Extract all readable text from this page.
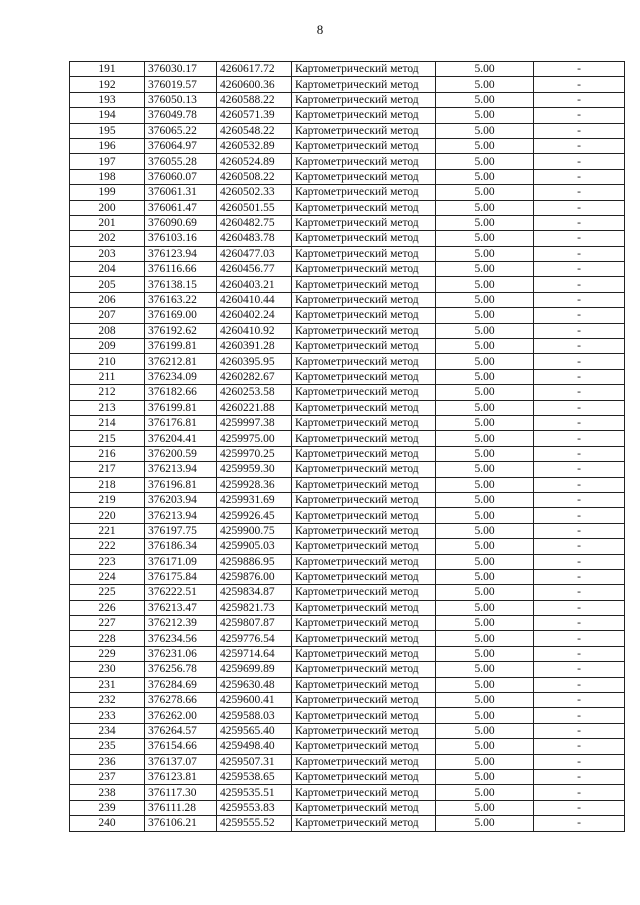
8
191	376030.17	4260617.72	Картометрический метод	5.00	-
192	376019.57	4260600.36	Картометрический метод	5.00	-
193	376050.13	4260588.22	Картометрический метод	5.00	-
194	376049.78	4260571.39	Картометрический метод	5.00	-
195	376065.22	4260548.22	Картометрический метод	5.00	-
196	376064.97	4260532.89	Картометрический метод	5.00	-
197	376055.28	4260524.89	Картометрический метод	5.00	-
198	376060.07	4260508.22	Картометрический метод	5.00	-
199	376061.31	4260502.33	Картометрический метод	5.00	-
200	376061.47	4260501.55	Картометрический метод	5.00	-
201	376090.69	4260482.75	Картометрический метод	5.00	-
202	376103.16	4260483.78	Картометрический метод	5.00	-
203	376123.94	4260477.03	Картометрический метод	5.00	-
204	376116.66	4260456.77	Картометрический метод	5.00	-
205	376138.15	4260403.21	Картометрический метод	5.00	-
206	376163.22	4260410.44	Картометрический метод	5.00	-
207	376169.00	4260402.24	Картометрический метод	5.00	-
208	376192.62	4260410.92	Картометрический метод	5.00	-
209	376199.81	4260391.28	Картометрический метод	5.00	-
210	376212.81	4260395.95	Картометрический метод	5.00	-
211	376234.09	4260282.67	Картометрический метод	5.00	-
212	376182.66	4260253.58	Картометрический метод	5.00	-
213	376199.81	4260221.88	Картометрический метод	5.00	-
214	376176.81	4259997.38	Картометрический метод	5.00	-
215	376204.41	4259975.00	Картометрический метод	5.00	-
216	376200.59	4259970.25	Картометрический метод	5.00	-
217	376213.94	4259959.30	Картометрический метод	5.00	-
218	376196.81	4259928.36	Картометрический метод	5.00	-
219	376203.94	4259931.69	Картометрический метод	5.00	-
220	376213.94	4259926.45	Картометрический метод	5.00	-
221	376197.75	4259900.75	Картометрический метод	5.00	-
222	376186.34	4259905.03	Картометрический метод	5.00	-
223	376171.09	4259886.95	Картометрический метод	5.00	-
224	376175.84	4259876.00	Картометрический метод	5.00	-
225	376222.51	4259834.87	Картометрический метод	5.00	-
226	376213.47	4259821.73	Картометрический метод	5.00	-
227	376212.39	4259807.87	Картометрический метод	5.00	-
228	376234.56	4259776.54	Картометрический метод	5.00	-
229	376231.06	4259714.64	Картометрический метод	5.00	-
230	376256.78	4259699.89	Картометрический метод	5.00	-
231	376284.69	4259630.48	Картометрический метод	5.00	-
232	376278.66	4259600.41	Картометрический метод	5.00	-
233	376262.00	4259588.03	Картометрический метод	5.00	-
234	376264.57	4259565.40	Картометрический метод	5.00	-
235	376154.66	4259498.40	Картометрический метод	5.00	-
236	376137.07	4259507.31	Картометрический метод	5.00	-
237	376123.81	4259538.65	Картометрический метод	5.00	-
238	376117.30	4259535.51	Картометрический метод	5.00	-
239	376111.28	4259553.83	Картометрический метод	5.00	-
240	376106.21	4259555.52	Картометрический метод	5.00	-
